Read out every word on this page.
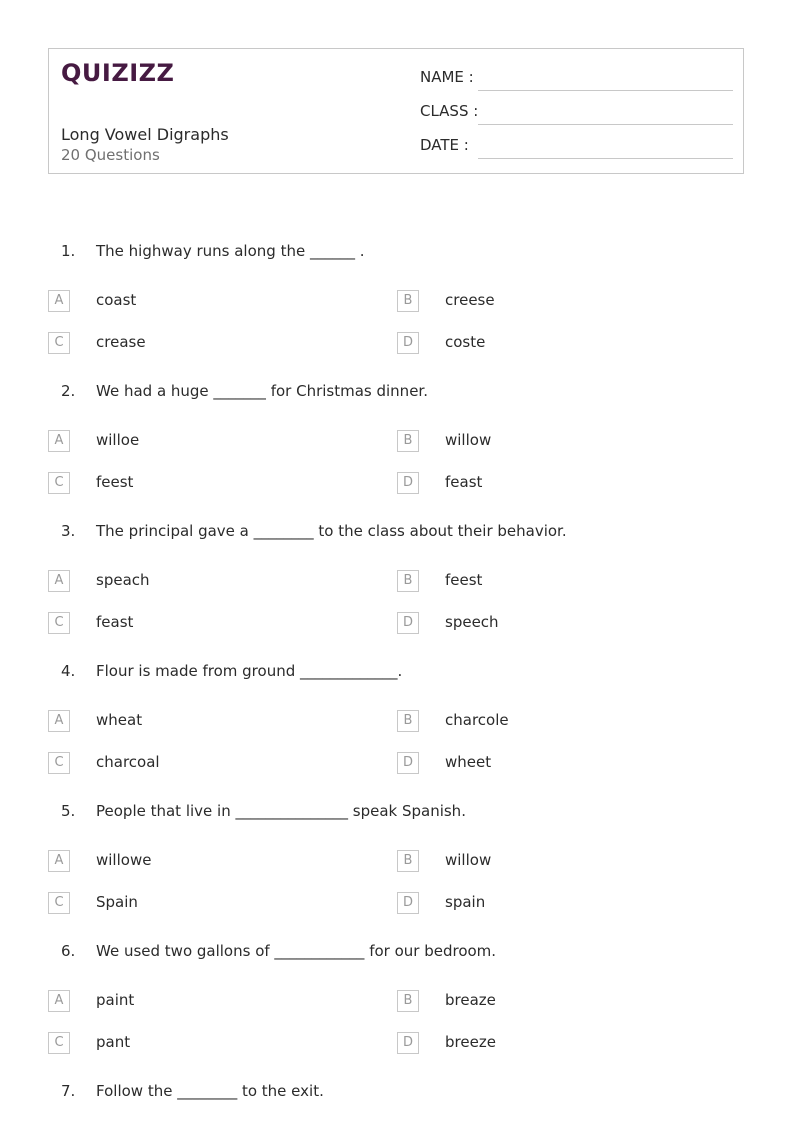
QUIZIZZ
Long Vowel Digraphs
20 Questions
NAME :
CLASS :
DATE :
1. The highway runs along the ______ .
A	coast	B	creese
C	crease	D	coste
2. We had a huge _______ for Christmas dinner.
A	willoe	B	willow
C	feest	D	feast
3. The principal gave a ________ to the class about their behavior.
A	speach	B	feest
C	feast	D	speech
4. Flour is made from ground _____________.
A	wheat	B	charcole
C	charcoal	D	wheet
5. People that live in _______________ speak Spanish.
A	willowe	B	willow
C	Spain	D	spain
6. We used two gallons of ____________ for our bedroom.
A	paint	B	breaze
C	pant	D	breeze
7. Follow the ________ to the exit.
